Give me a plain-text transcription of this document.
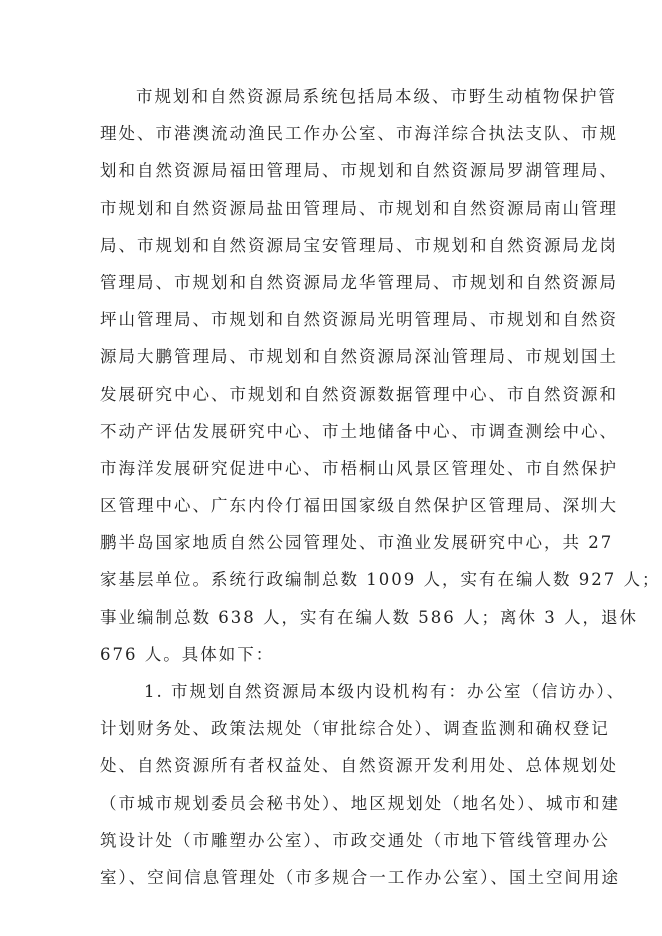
市规划和自然资源局系统包括局本级、市野生动植物保护管
理处、市港澳流动渔民工作办公室、市海洋综合执法支队、市规
划和自然资源局福田管理局、市规划和自然资源局罗湖管理局、
市规划和自然资源局盐田管理局、市规划和自然资源局南山管理
局、市规划和自然资源局宝安管理局、市规划和自然资源局龙岗
管理局、市规划和自然资源局龙华管理局、市规划和自然资源局
坪山管理局、市规划和自然资源局光明管理局、市规划和自然资
源局大鹏管理局、市规划和自然资源局深汕管理局、市规划国土
发展研究中心、市规划和自然资源数据管理中心、市自然资源和
不动产评估发展研究中心、市土地储备中心、市调查测绘中心、
市海洋发展研究促进中心、市梧桐山风景区管理处、市自然保护
区管理中心、广东内伶仃福田国家级自然保护区管理局、深圳大
鹏半岛国家地质自然公园管理处、市渔业发展研究中心，共 27
家基层单位。系统行政编制总数 1009 人，实有在编人数 927 人；
事业编制总数 638 人，实有在编人数 586 人；离休 3 人，退休
676 人。具体如下：
1. 市规划自然资源局本级内设机构有：办公室（信访办）、
计划财务处、政策法规处（审批综合处）、调查监测和确权登记
处、自然资源所有者权益处、自然资源开发利用处、总体规划处
（市城市规划委员会秘书处）、地区规划处（地名处）、城市和建
筑设计处（市雕塑办公室）、市政交通处（市地下管线管理办公
室）、空间信息管理处（市多规合一工作办公室）、国土空间用途
